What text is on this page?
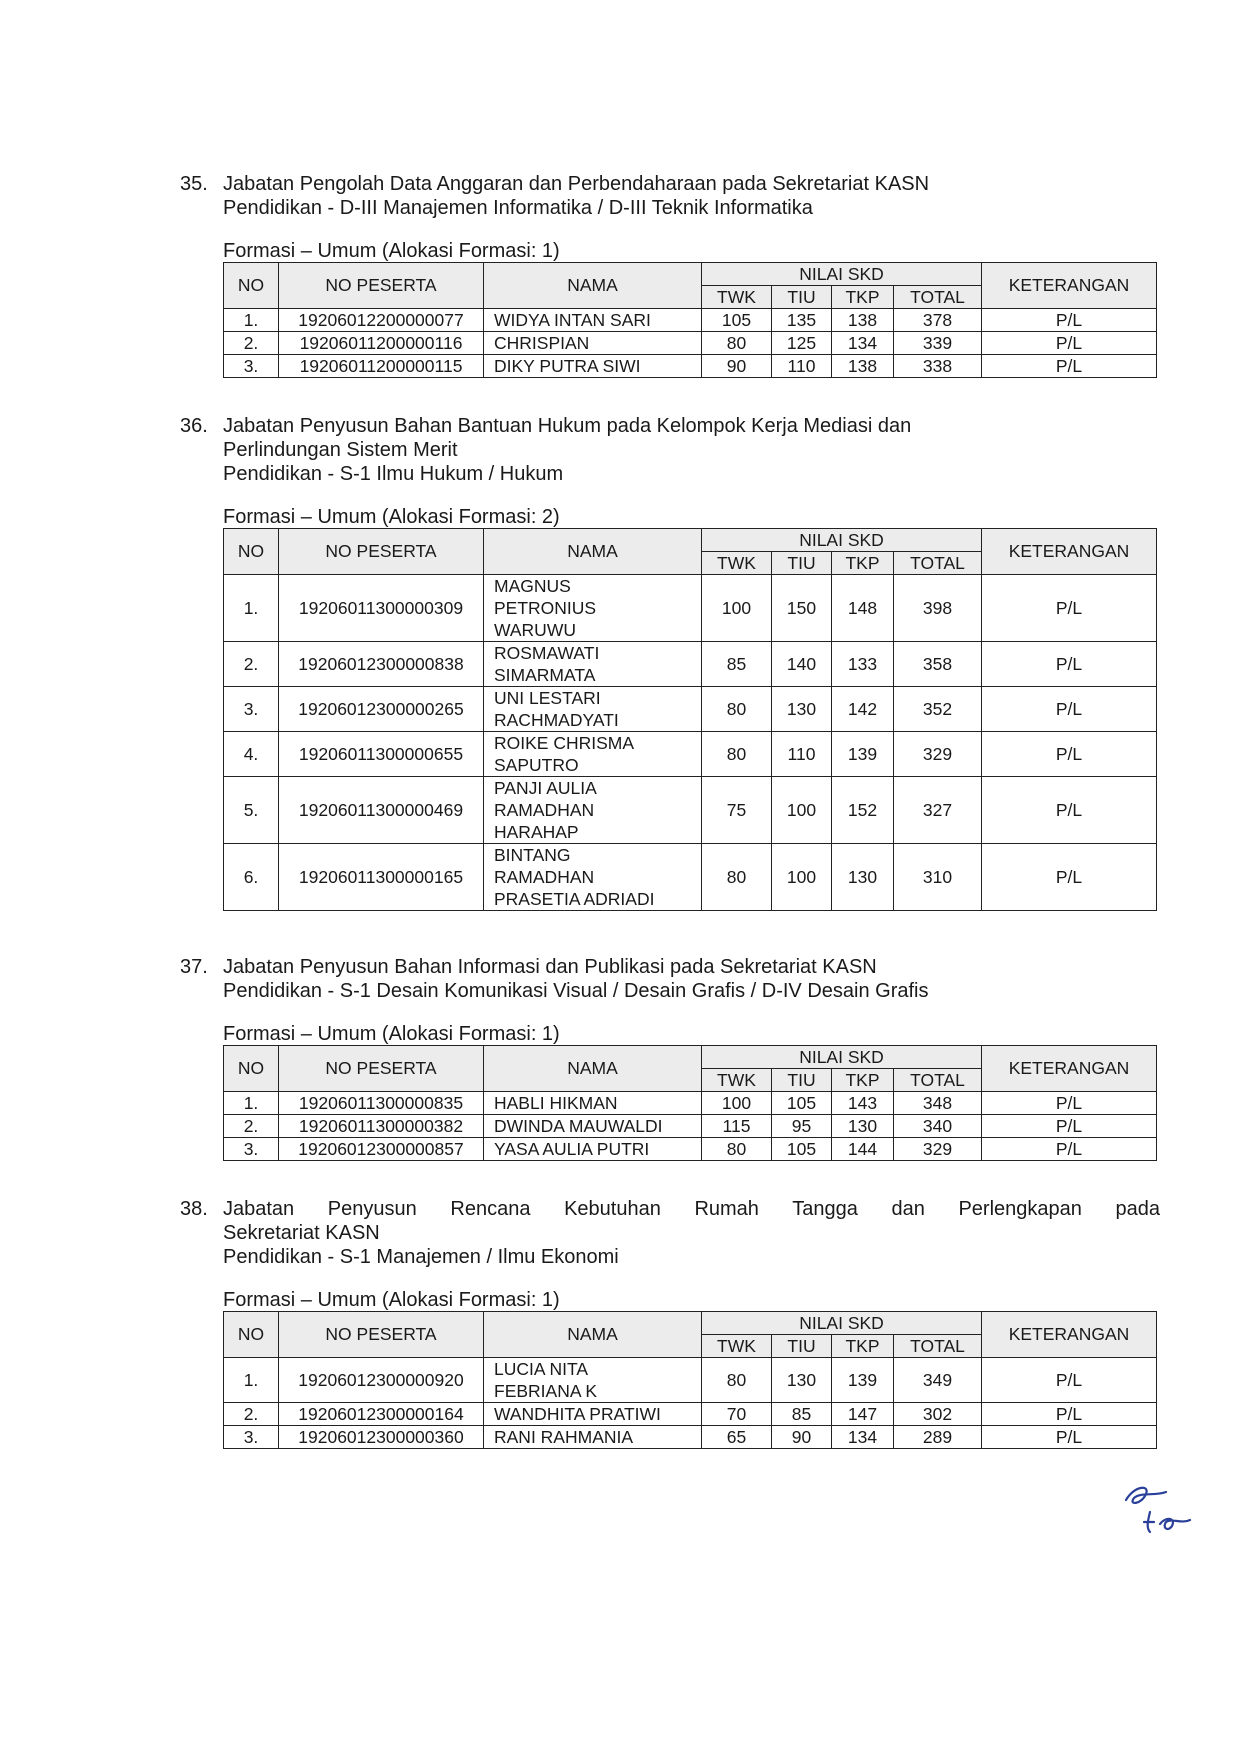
35. Jabatan Pengolah Data Anggaran dan Perbendaharaan pada Sekretariat KASN
Pendidikan - D-III Manajemen Informatika / D-III Teknik Informatika
Formasi – Umum (Alokasi Formasi: 1)
NO	NO PESERTA	NAMA	NILAI SKD				KETERANGAN
			TWK	TIU	TKP	TOTAL	
1.	19206012200000077	WIDYA INTAN SARI	105	135	138	378	P/L
2.	19206011200000116	CHRISPIAN	80	125	134	339	P/L
3.	19206011200000115	DIKY PUTRA SIWI	90	110	138	338	P/L
36. Jabatan Penyusun Bahan Bantuan Hukum pada Kelompok Kerja Mediasi dan
Perlindungan Sistem Merit
Pendidikan - S-1 Ilmu Hukum / Hukum
Formasi – Umum (Alokasi Formasi: 2)
NO	NO PESERTA	NAMA	NILAI SKD				KETERANGAN
			TWK	TIU	TKP	TOTAL	
1.	19206011300000309	MAGNUS
PETRONIUS
WARUWU	100	150	148	398	P/L
2.	19206012300000838	ROSMAWATI
SIMARMATA	85	140	133	358	P/L
3.	19206012300000265	UNI LESTARI
RACHMADYATI	80	130	142	352	P/L
4.	19206011300000655	ROIKE CHRISMA
SAPUTRO	80	110	139	329	P/L
5.	19206011300000469	PANJI AULIA
RAMADHAN
HARAHAP	75	100	152	327	P/L
6.	19206011300000165	BINTANG
RAMADHAN
PRASETIA ADRIADI	80	100	130	310	P/L
37. Jabatan Penyusun Bahan Informasi dan Publikasi pada Sekretariat KASN
Pendidikan - S-1 Desain Komunikasi Visual / Desain Grafis / D-IV Desain Grafis
Formasi – Umum (Alokasi Formasi: 1)
NO	NO PESERTA	NAMA	NILAI SKD				KETERANGAN
			TWK	TIU	TKP	TOTAL	
1.	19206011300000835	HABLI HIKMAN	100	105	143	348	P/L
2.	19206011300000382	DWINDA MAUWALDI	115	95	130	340	P/L
3.	19206012300000857	YASA AULIA PUTRI	80	105	144	329	P/L
38. Jabatan Penyusun Rencana Kebutuhan Rumah Tangga dan Perlengkapan pada
Sekretariat KASN
Pendidikan - S-1 Manajemen / Ilmu Ekonomi
Formasi – Umum (Alokasi Formasi: 1)
NO	NO PESERTA	NAMA	NILAI SKD				KETERANGAN
			TWK	TIU	TKP	TOTAL	
1.	19206012300000920	LUCIA NITA
FEBRIANA K	80	130	139	349	P/L
2.	19206012300000164	WANDHITA PRATIWI	70	85	147	302	P/L
3.	19206012300000360	RANI RAHMANIA	65	90	134	289	P/L
